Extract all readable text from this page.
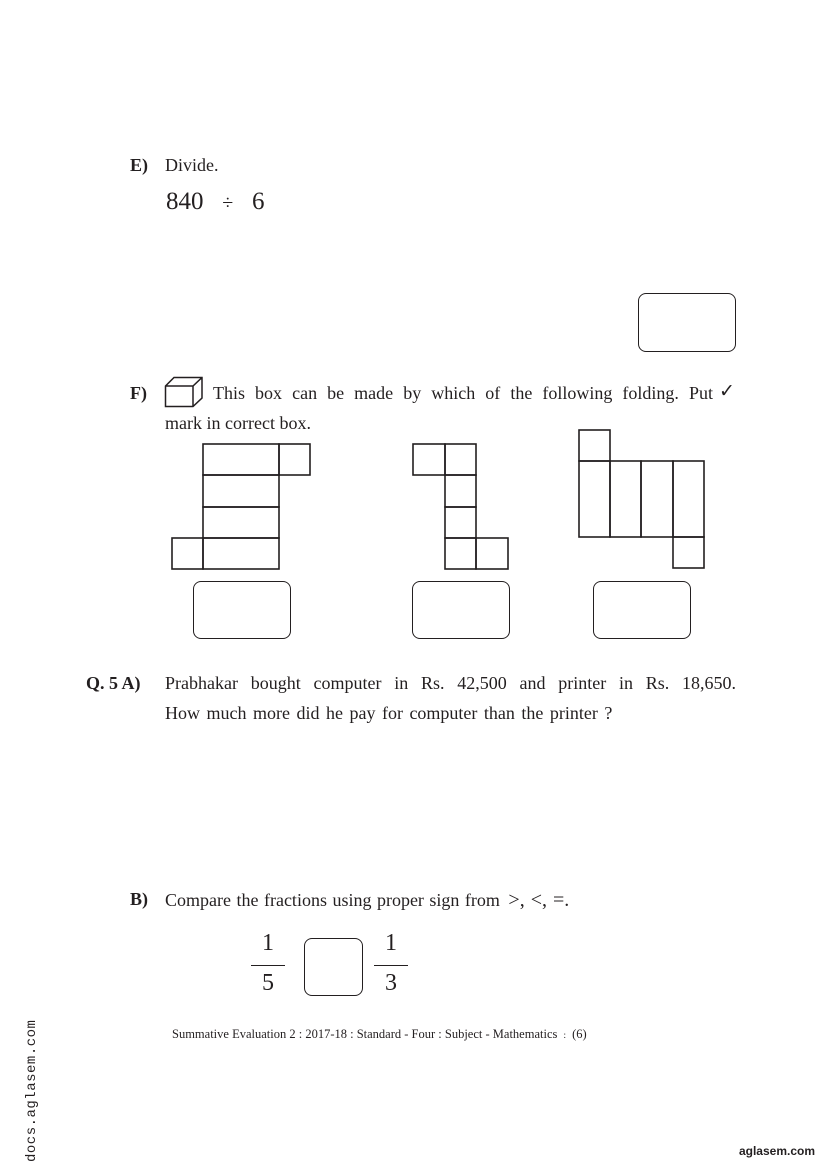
E) Divide.
840 ÷ 6
F)	This box can be made by which of the following folding. Put ✓
mark in correct box.
Q. 5 A) Prabhakar bought computer in Rs. 42,500 and printer in Rs. 18,650.
How much more did he pay for computer than the printer ?
B) Compare the fractions using proper sign from >, <, =.
1
5
1
3
Summative Evaluation 2 : 2017-18 : Standard - Four : Subject - Mathematics : (6)
docs.aglasem.com	aglasem.com
